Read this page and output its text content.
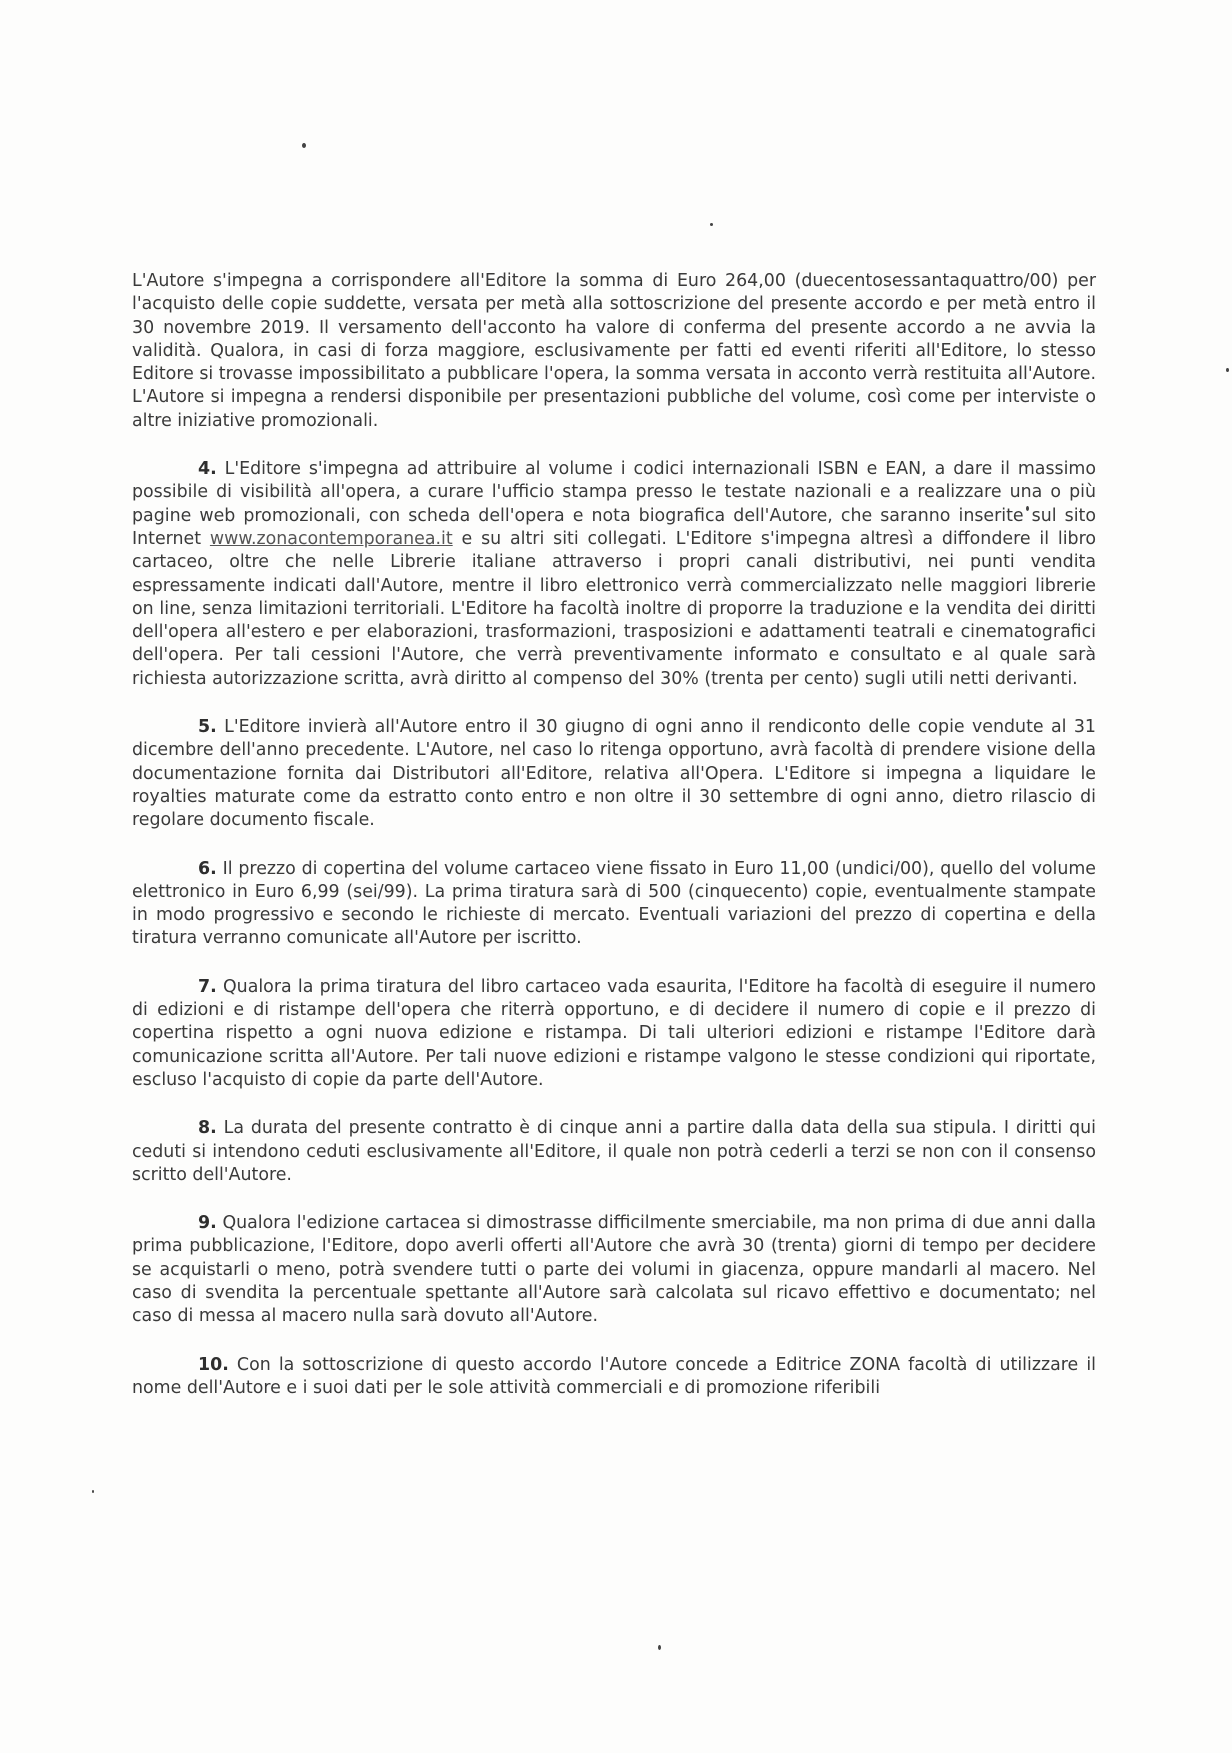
L'Autore s'impegna a corrispondere all'Editore la somma di Euro 264,00 (duecentosessantaquattro/00) per l'acquisto delle copie suddette, versata per metà alla sottoscrizione del presente accordo e per metà entro il 30 novembre 2019. Il versamento dell'acconto ha valore di conferma del presente accordo a ne avvia la validità. Qualora, in casi di forza maggiore, esclusivamente per fatti ed eventi riferiti all'Editore, lo stesso Editore si trovasse impossibilitato a pubblicare l'opera, la somma versata in acconto verrà restituita all'Autore. L'Autore si impegna a rendersi disponibile per presentazioni pubbliche del volume, così come per interviste o altre iniziative promozionali.

4. L'Editore s'impegna ad attribuire al volume i codici internazionali ISBN e EAN, a dare il massimo possibile di visibilità all'opera, a curare l'ufficio stampa presso le testate nazionali e a realizzare una o più pagine web promozionali, con scheda dell'opera e nota biografica dell'Autore, che saranno inserite sul sito Internet www.zonacontemporanea.it e su altri siti collegati. L'Editore s'impegna altresì a diffondere il libro cartaceo, oltre che nelle Librerie italiane attraverso i propri canali distributivi, nei punti vendita espressamente indicati dall'Autore, mentre il libro elettronico verrà commercializzato nelle maggiori librerie on line, senza limitazioni territoriali. L'Editore ha facoltà inoltre di proporre la traduzione e la vendita dei diritti dell'opera all'estero e per elaborazioni, trasformazioni, trasposizioni e adattamenti teatrali e cinematografici dell'opera. Per tali cessioni l'Autore, che verrà preventivamente informato e consultato e al quale sarà richiesta autorizzazione scritta, avrà diritto al compenso del 30% (trenta per cento) sugli utili netti derivanti.

5. L'Editore invierà all'Autore entro il 30 giugno di ogni anno il rendiconto delle copie vendute al 31 dicembre dell'anno precedente. L'Autore, nel caso lo ritenga opportuno, avrà facoltà di prendere visione della documentazione fornita dai Distributori all'Editore, relativa all'Opera. L'Editore si impegna a liquidare le royalties maturate come da estratto conto entro e non oltre il 30 settembre di ogni anno, dietro rilascio di regolare documento fiscale.

6. Il prezzo di copertina del volume cartaceo viene fissato in Euro 11,00 (undici/00), quello del volume elettronico in Euro 6,99 (sei/99). La prima tiratura sarà di 500 (cinquecento) copie, eventualmente stampate in modo progressivo e secondo le richieste di mercato. Eventuali variazioni del prezzo di copertina e della tiratura verranno comunicate all'Autore per iscritto.

7. Qualora la prima tiratura del libro cartaceo vada esaurita, l'Editore ha facoltà di eseguire il numero di edizioni e di ristampe dell'opera che riterrà opportuno, e di decidere il numero di copie e il prezzo di copertina rispetto a ogni nuova edizione e ristampa. Di tali ulteriori edizioni e ristampe l'Editore darà comunicazione scritta all'Autore. Per tali nuove edizioni e ristampe valgono le stesse condizioni qui riportate, escluso l'acquisto di copie da parte dell'Autore.

8. La durata del presente contratto è di cinque anni a partire dalla data della sua stipula. I diritti qui ceduti si intendono ceduti esclusivamente all'Editore, il quale non potrà cederli a terzi se non con il consenso scritto dell'Autore.

9. Qualora l'edizione cartacea si dimostrasse difficilmente smerciabile, ma non prima di due anni dalla prima pubblicazione, l'Editore, dopo averli offerti all'Autore che avrà 30 (trenta) giorni di tempo per decidere se acquistarli o meno, potrà svendere tutti o parte dei volumi in giacenza, oppure mandarli al macero. Nel caso di svendita la percentuale spettante all'Autore sarà calcolata sul ricavo effettivo e documentato; nel caso di messa al macero nulla sarà dovuto all'Autore.

10. Con la sottoscrizione di questo accordo l'Autore concede a Editrice ZONA facoltà di utilizzare il nome dell'Autore e i suoi dati per le sole attività commerciali e di promozione riferibili
